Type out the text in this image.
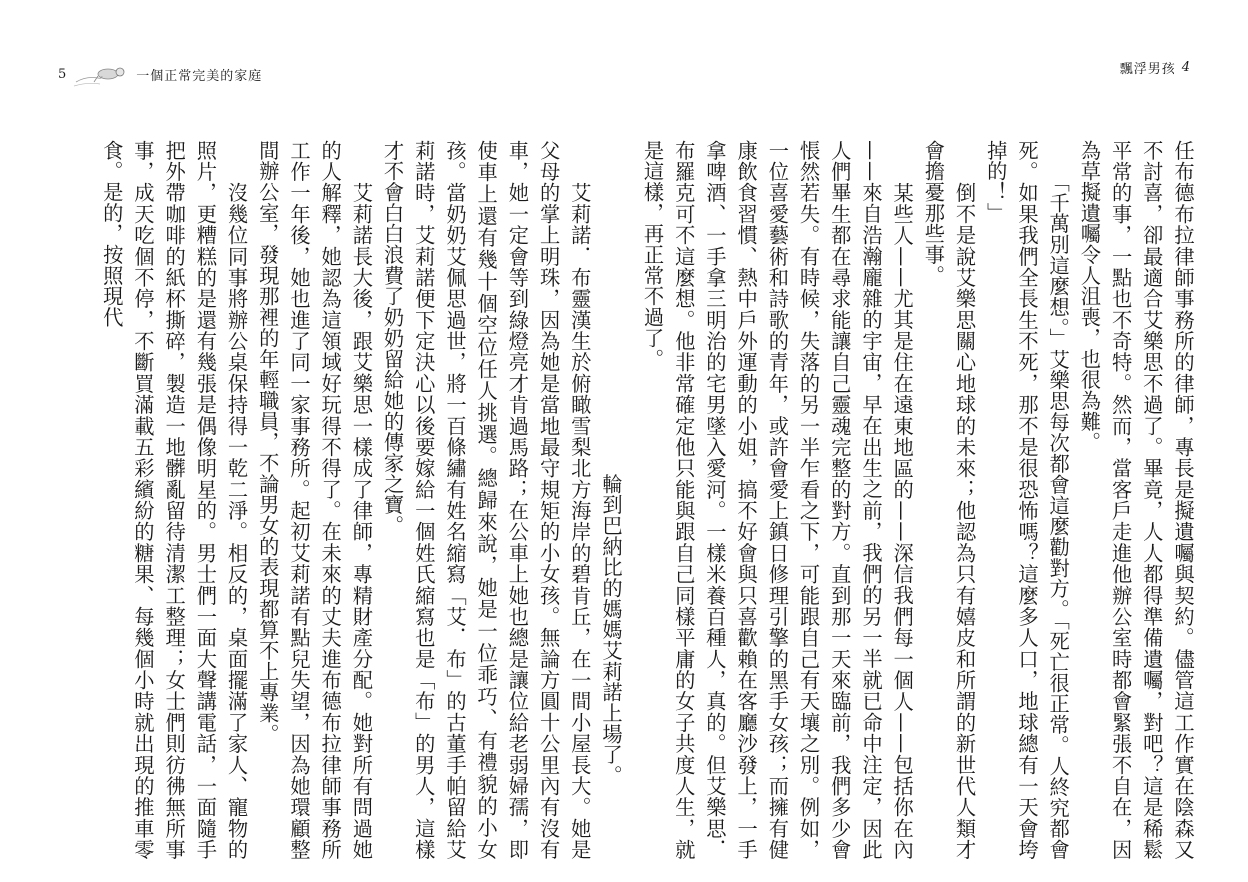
5	一個正常完美的家庭	飄浮男孩 4

任布德布拉律師事務所的律師，專長是擬遺囑與契約。儘管這工作實在陰森又不討喜，卻最適合艾樂思不過了。畢竟，人人都得準備遺囑，對吧？這是稀鬆平常的事，一點也不奇特。然而，當客戶走進他辦公室時都會緊張不自在，因為草擬遺囑令人沮喪，也很為難。

「千萬別這麼想。」艾樂思每次都會這麼勸對方。「死亡很正常。人終究都會死。如果我們全長生不死，那不是很恐怖嗎？這麼多人口，地球總有一天會垮掉的！」

倒不是說艾樂思關心地球的未來；他認為只有嬉皮和所謂的新世代人類才會擔憂那些事。

某些人——尤其是住在遠東地區的——深信我們每一個人——包括你在內——來自浩瀚龐雜的宇宙，早在出生之前，我們的另一半就已命中注定，因此人們畢生都在尋求能讓自己靈魂完整的對方。直到那一天來臨前，我們多少會悵然若失。有時候，失落的另一半乍看之下，可能跟自己有天壤之別。例如，一位喜愛藝術和詩歌的青年，或許會愛上鎮日修理引擎的黑手女孩；而擁有健康飲食習慣、熱中戶外運動的小姐，搞不好會與只喜歡賴在客廳沙發上，一手拿啤酒、一手拿三明治的宅男墜入愛河。一樣米養百種人，真的。但艾樂思．布羅克可不這麼想。他非常確定他只能與跟自己同樣平庸的女子共度人生，就是這樣，再正常不過了。

輪到巴納比的媽媽艾莉諾上場了。

艾莉諾．布靈漢生於俯瞰雪梨北方海岸的碧肯丘，在一間小屋長大。她是父母的掌上明珠，因為她是當地最守規矩的小女孩。無論方圓十公里內有沒有車，她一定會等到綠燈亮才肯過馬路；在公車上她也總是讓位給老弱婦孺，即使車上還有幾十個空位任人挑選。總歸來說，她是一位乖巧、有禮貌的小女孩。當奶奶艾佩思過世，將一百條繡有姓名縮寫「艾．布」的古董手帕留給艾莉諾時，艾莉諾便下定決心以後要嫁給一個姓氏縮寫也是「布」的男人，這樣才不會白白浪費了奶奶留給她的傳家之寶。

艾莉諾長大後，跟艾樂思一樣成了律師，專精財產分配。她對所有問過她的人解釋，她認為這領域好玩得不得了。在未來的丈夫進布德布拉律師事務所工作一年後，她也進了同一家事務所。起初艾莉諾有點兒失望，因為她環顧整間辦公室，發現那裡的年輕職員，不論男女的表現都算不上專業。

沒幾位同事將辦公桌保持得一乾二淨。相反的，桌面擺滿了家人、寵物的照片，更糟糕的是還有幾張是偶像明星的。男士們一面大聲講電話，一面隨手把外帶咖啡的紙杯撕碎，製造一地髒亂留待清潔工整理；女士們則彷彿無所事事，成天吃個不停，不斷買滿載五彩繽紛的糖果、每幾個小時就出現的推車零食。是的，按照現代
